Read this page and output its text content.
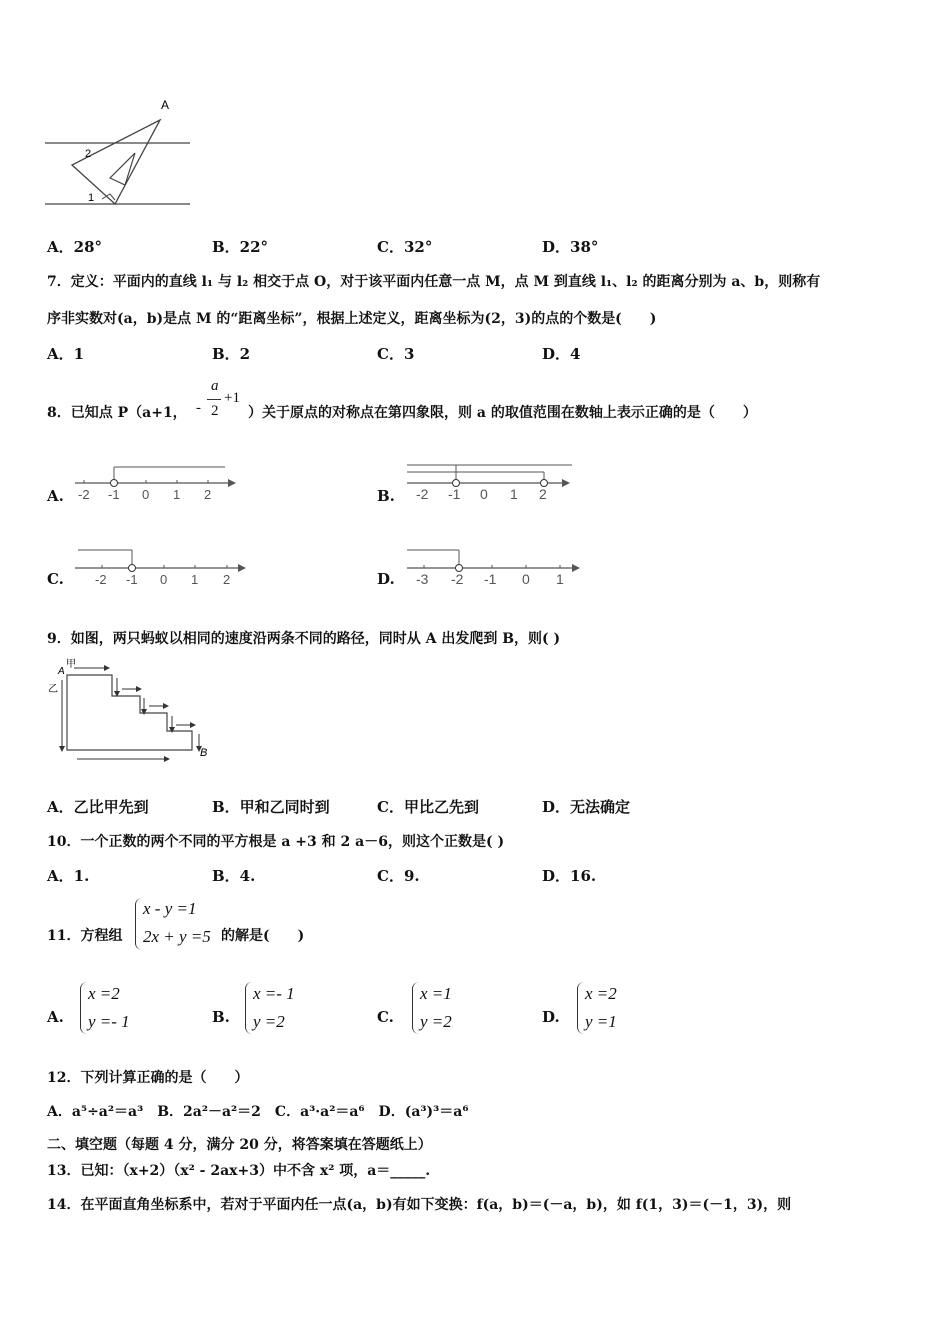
A
2
1
A．28°	B．22°	C．32°	D．38°
7．定义：平面内的直线 l₁ 与 l₂ 相交于点 O，对于该平面内任意一点 M，点 M 到直线 l₁、l₂ 的距离分别为 a、b，则称有
序非实数对(a，b)是点 M 的“距离坐标”，根据上述定义，距离坐标为(2，3)的点的个数是(　　)
A．1	B．2	C．3	D．4
8．已知点 P（a+1， -
a
2
+1
）关于原点的对称点在第四象限，则 a 的取值范围在数轴上表示正确的是（　　）
A. -2 -1 0 1 2	B. -2 -1 0 1 2
C. -2 -1 0 1 2	D. -3 -2 -1 0 1
9．如图，两只蚂蚁以相同的速度沿两条不同的路径，同时从 A 出发爬到 B，则( )
甲
A
乙
B
A．乙比甲先到	B．甲和乙同时到	C．甲比乙先到	D．无法确定
10．一个正数的两个不同的平方根是 a +3 和 2 a－6，则这个正数是( )
A．1.	B．4.	C．9.	D．16.
11．方程组
x - y =1
2x + y =5 的解是(　　)
A.
x =2
y =- 1	B.
x =- 1
y =2	C.
x =1
y =2	D.
x =2
y =1
12．下列计算正确的是（　　）
A．a⁵÷a²＝a³　B．2a²－a²＝2　C．a³·a²＝a⁶　D．(a³)³＝a⁶
二、填空题（每题 4 分，满分 20 分，将答案填在答题纸上）
13．已知：（x+2）（x² - 2ax+3）中不含 x² 项，a＝_____.
14．在平面直角坐标系中，若对于平面内任一点(a，b)有如下变换：f(a，b)＝(－a，b)，如 f(1，3)＝(－1，3)，则
